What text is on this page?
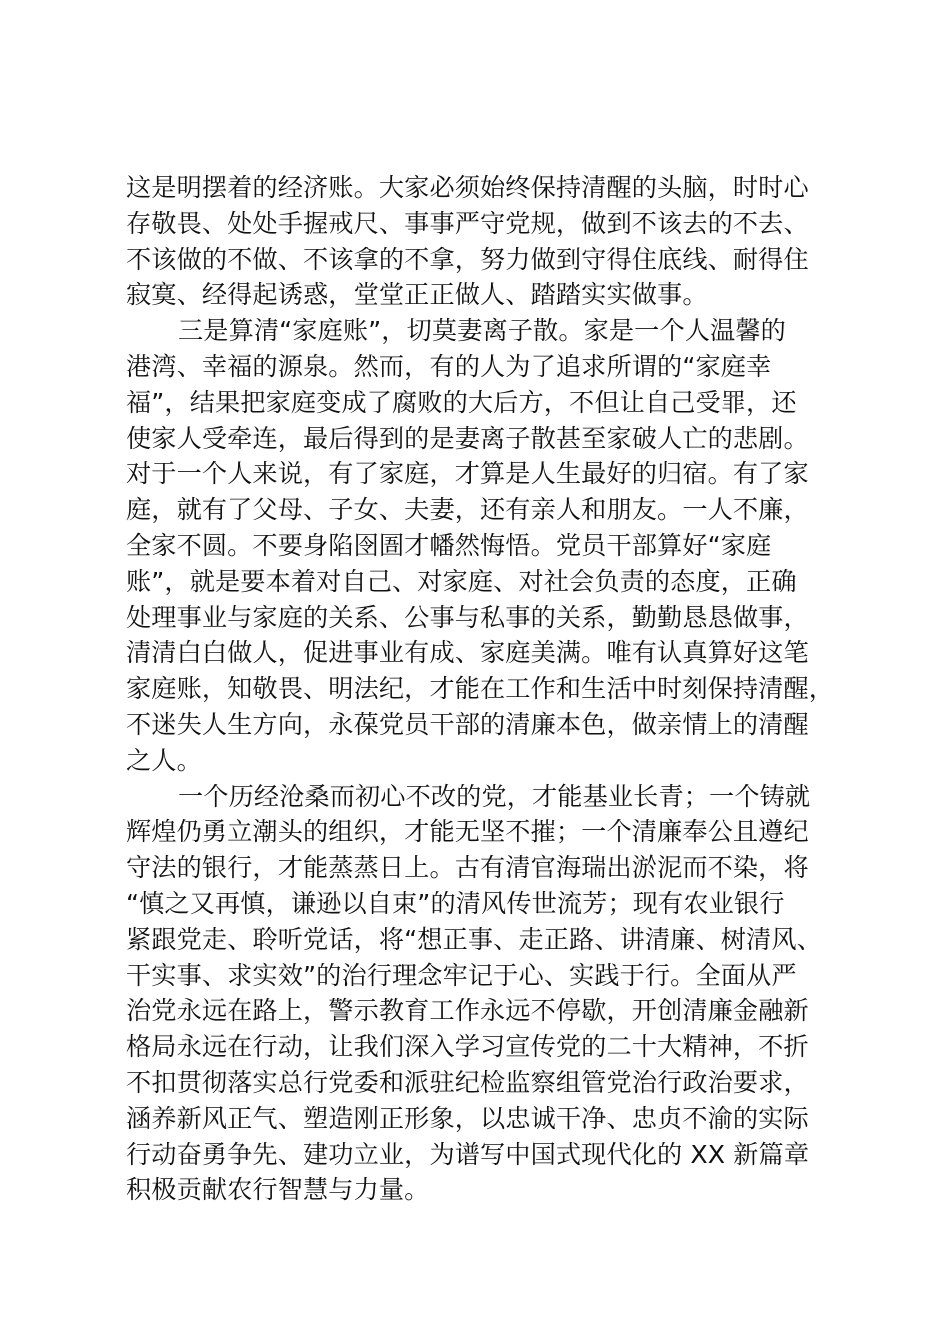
这是明摆着的经济账。大家必须始终保持清醒的头脑，时时心
存敬畏、处处手握戒尺、事事严守党规，做到不该去的不去、
不该做的不做、不该拿的不拿，努力做到守得住底线、耐得住
寂寞、经得起诱惑，堂堂正正做人、踏踏实实做事。
三是算清“家庭账”，切莫妻离子散。家是一个人温馨的
港湾、幸福的源泉。然而，有的人为了追求所谓的“家庭幸
福”，结果把家庭变成了腐败的大后方，不但让自己受罪，还
使家人受牵连，最后得到的是妻离子散甚至家破人亡的悲剧。
对于一个人来说，有了家庭，才算是人生最好的归宿。有了家
庭，就有了父母、子女、夫妻，还有亲人和朋友。一人不廉，
全家不圆。不要身陷囹圄才幡然悔悟。党员干部算好“家庭
账”，就是要本着对自己、对家庭、对社会负责的态度，正确
处理事业与家庭的关系、公事与私事的关系，勤勤恳恳做事，
清清白白做人，促进事业有成、家庭美满。唯有认真算好这笔
家庭账，知敬畏、明法纪，才能在工作和生活中时刻保持清醒，
不迷失人生方向，永葆党员干部的清廉本色，做亲情上的清醒
之人。
一个历经沧桑而初心不改的党，才能基业长青；一个铸就
辉煌仍勇立潮头的组织，才能无坚不摧；一个清廉奉公且遵纪
守法的银行，才能蒸蒸日上。古有清官海瑞出淤泥而不染，将
“慎之又再慎，谦逊以自束”的清风传世流芳；现有农业银行
紧跟党走、聆听党话，将“想正事、走正路、讲清廉、树清风、
干实事、求实效”的治行理念牢记于心、实践于行。全面从严
治党永远在路上，警示教育工作永远不停歇，开创清廉金融新
格局永远在行动，让我们深入学习宣传党的二十大精神，不折
不扣贯彻落实总行党委和派驻纪检监察组管党治行政治要求，
涵养新风正气、塑造刚正形象，以忠诚干净、忠贞不渝的实际
行动奋勇争先、建功立业，为谱写中国式现代化的 XX 新篇章
积极贡献农行智慧与力量。
